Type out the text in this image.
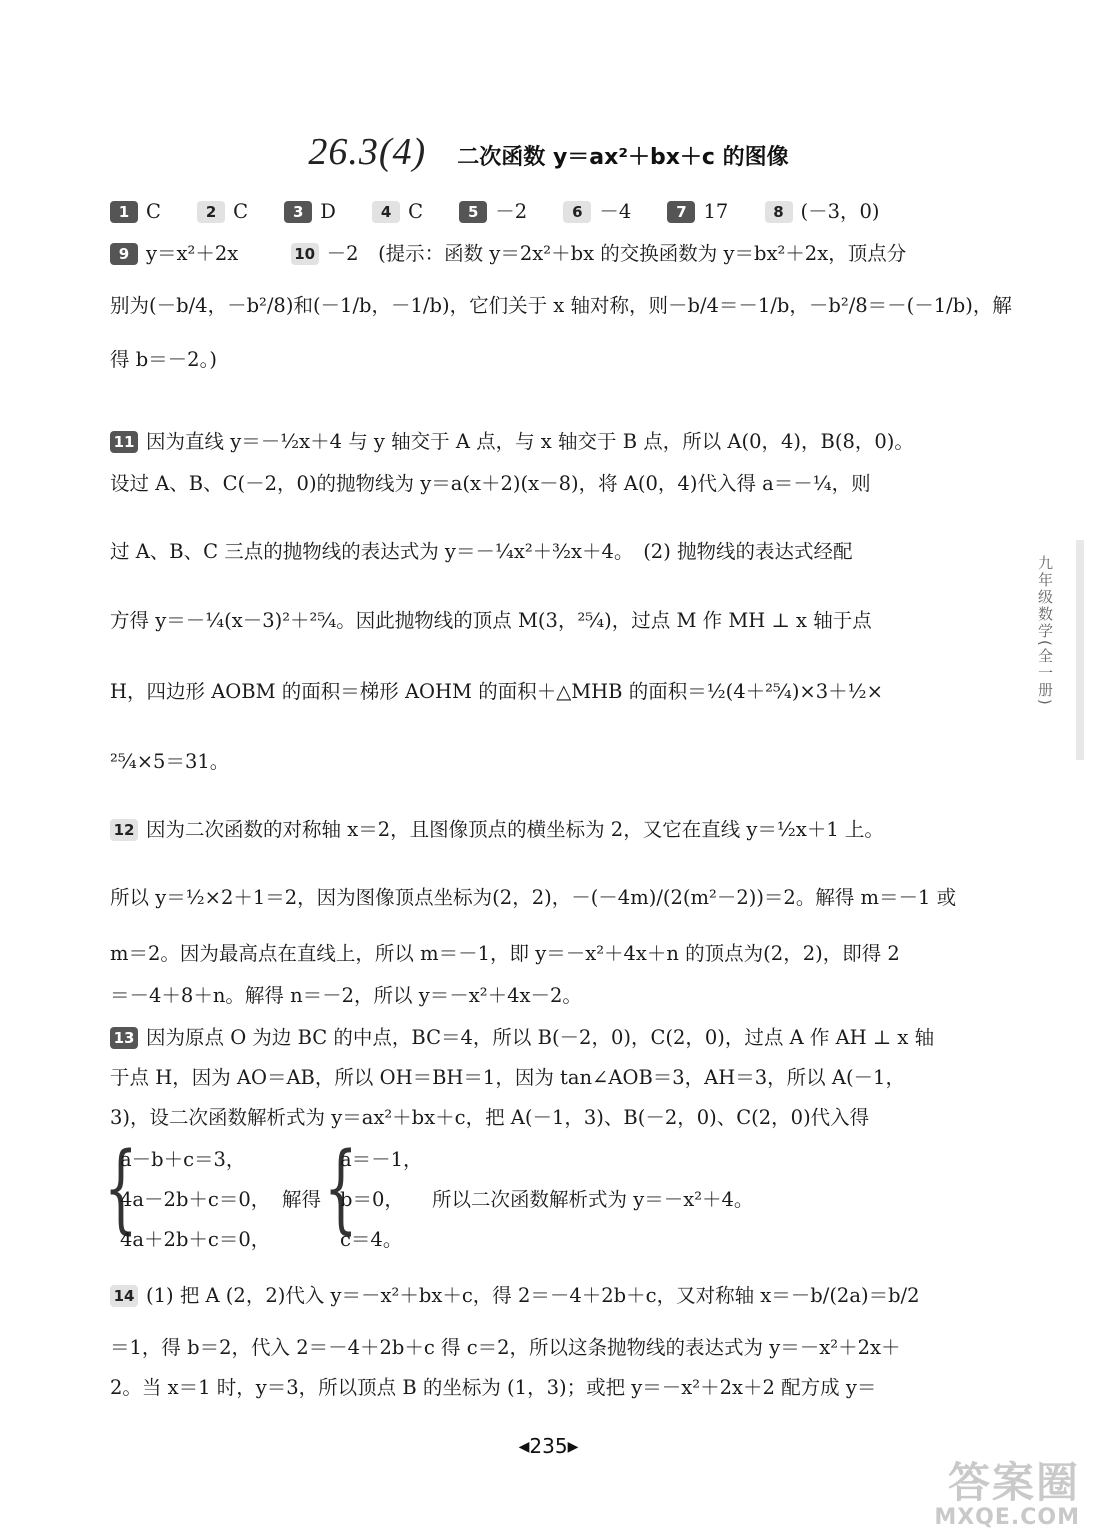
26.3(4) 二次函数 y＝ax²＋bx＋c 的图像
1 C	2 C	3 D	4 C	5 －2	6 －4	7 17	8 (－3，0)
9 y＝x²＋2x	10 －2　(提示：函数 y＝2x²＋bx 的交换函数为 y＝bx²＋2x，顶点分
别为(－b/4，－b²/8)和(－1/b，－1/b)，它们关于 x 轴对称，则－b/4＝－1/b，－b²/8＝－(－1/b)，解
得 b＝－2。)
11 因为直线 y＝－½x＋4 与 y 轴交于 A 点，与 x 轴交于 B 点，所以 A(0，4)，B(8，0)。
设过 A、B、C(－2，0)的抛物线为 y＝a(x＋2)(x－8)，将 A(0，4)代入得 a＝－¼，则
过 A、B、C 三点的抛物线的表达式为 y＝－¼x²＋³⁄₂x＋4。　(2) 抛物线的表达式经配
方得 y＝－¼(x－3)²＋²⁵⁄₄。因此抛物线的顶点 M(3，²⁵⁄₄)，过点 M 作 MH ⊥ x 轴于点
H，四边形 AOBM 的面积＝梯形 AOHM 的面积＋△MHB 的面积＝½(4＋²⁵⁄₄)×3＋½×
²⁵⁄₄×5＝31。
12 因为二次函数的对称轴 x＝2，且图像顶点的横坐标为 2，又它在直线 y＝½x＋1 上。
所以 y＝½×2＋1＝2，因为图像顶点坐标为(2，2)，－(－4m)/(2(m²－2))＝2。解得 m＝－1 或
m＝2。因为最高点在直线上，所以 m＝－1，即 y＝－x²＋4x＋n 的顶点为(2，2)，即得 2
＝－4＋8＋n。解得 n＝－2，所以 y＝－x²＋4x－2。
13 因为原点 O 为边 BC 的中点，BC＝4，所以 B(－2，0)，C(2，0)，过点 A 作 AH ⊥ x 轴
于点 H，因为 AO＝AB，所以 OH＝BH＝1，因为 tan∠AOB＝3，AH＝3，所以 A(－1，
3)，设二次函数解析式为 y＝ax²＋bx＋c，把 A(－1，3)、B(－2，0)、C(2，0)代入得
{
a－b＋c＝3，
4a－2b＋c＝0，
4a＋2b＋c＝0，
解得 {
a＝－1，
b＝0，
c＝4。
所以二次函数解析式为 y＝－x²＋4。
14 (1) 把 A (2，2)代入 y＝－x²＋bx＋c，得 2＝－4＋2b＋c，又对称轴 x＝－b/(2a)＝b/2
＝1，得 b＝2，代入 2＝－4＋2b＋c 得 c＝2，所以这条抛物线的表达式为 y＝－x²＋2x＋
2。当 x＝1 时，y＝3，所以顶点 B 的坐标为 (1，3)；或把 y＝－x²＋2x＋2 配方成 y＝
九年级数学(全一册)
◀235▶
答案圈
MXQE.COM
